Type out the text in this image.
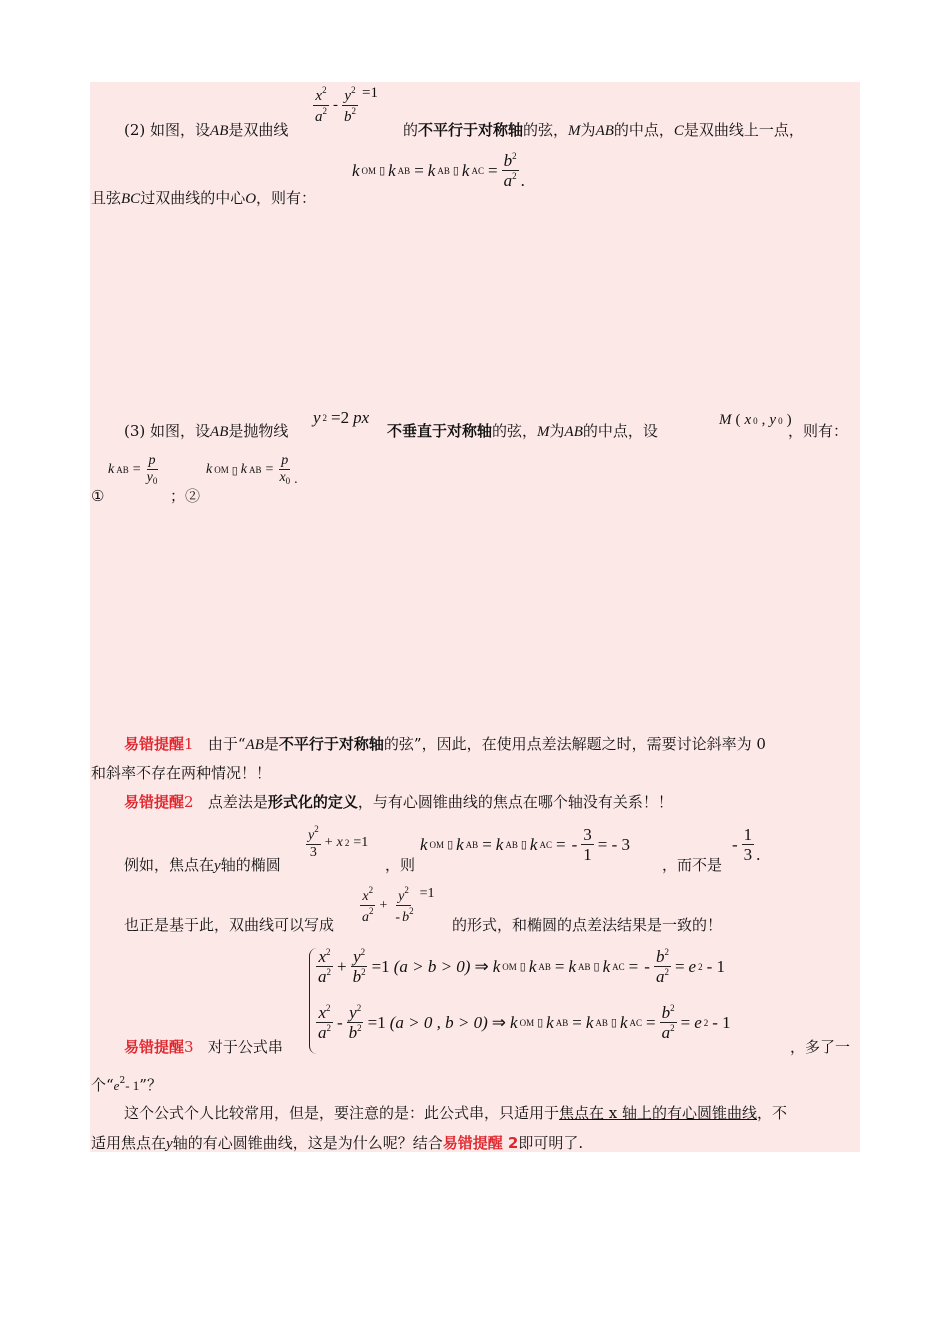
(2) 如图，设AB是双曲线
$\frac{x^2}{a^2} - \frac{y^2}{b^2} =1$
的不平行于对称轴的弦，M为AB的中点，C是双曲线上一点，
且弦BC过双曲线的中心O，则有：
k OM ▯ k AB = k AB ▯ k AC = $\frac{b^2}{a^2}$ .
(3) 如图，设AB是抛物线
y 2 =2 px
不垂直于对称轴的弦，M为AB的中点，设
M ( x 0 , y 0 )
，则有：
①
k AB = $\frac{p}{y_0}$
；②
k OM ▯ k AB = $\frac{p}{x_0}$ .
易错提醒1 由于“AB是不平行于对称轴的弦”，因此，在使用点差法解题之时，需要讨论斜率为 0
和斜率不存在两种情况！！
易错提醒2 点差法是形式化的定义，与有心圆锥曲线的焦点在哪个轴没有关系！！
例如，焦点在y轴的椭圆
$\frac{y^2}{3} + x$ 2 =1
，则
k OM ▯ k AB = k AB ▯ k AC = - $\frac{3}{1}$ = - 3
，而不是
- $\frac{1}{3}$ .
也正是基于此，双曲线可以写成 $\frac{x^2}{a^2} + \frac{y^2}{- b^2} =1$
的形式，和椭圆的点差法结果是一致的！
$\frac{x^2}{a^2} + \frac{y^2}{b^2} =1$ (a > b > 0) ⇒ k OM ▯ k AB = k AB ▯ k AC = - $\frac{b^2}{a^2} = e$ 2 - 1
$\frac{x^2}{a^2} - \frac{y^2}{b^2} =1$ (a > 0 , b > 0) ⇒ k OM ▯ k AB = k AB ▯ k AC = $\frac{b^2}{a^2} = e$ 2 - 1
易错提醒3 对于公式串	，多了一
个“$e^2-$ 1”？
这个公式个人比较常用，但是，要注意的是：此公式串，只适用于焦点在 x 轴上的有心圆锥曲线，不
适用焦点在y轴的有心圆锥曲线，这是为什么呢？结合易错提醒 2即可明了.
